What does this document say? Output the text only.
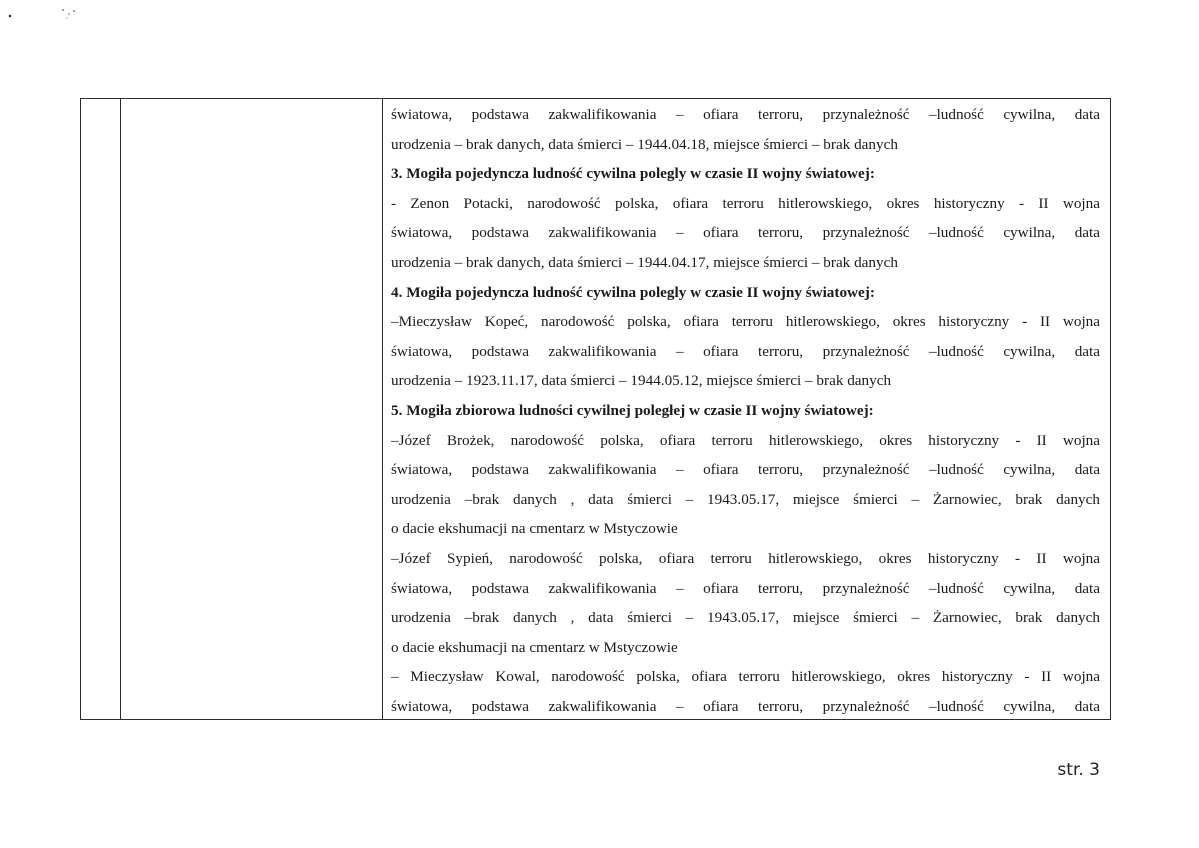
światowa, podstawa zakwalifikowania – ofiara terroru, przynależność –ludność cywilna, data
urodzenia – brak danych, data śmierci – 1944.04.18, miejsce śmierci – brak danych
3. Mogiła pojedyncza ludność cywilna polegly w czasie II wojny światowej:
- Zenon Potacki, narodowość polska, ofiara terroru hitlerowskiego, okres historyczny - II wojna
światowa, podstawa zakwalifikowania – ofiara terroru, przynależność –ludność cywilna, data
urodzenia – brak danych, data śmierci – 1944.04.17, miejsce śmierci – brak danych
4. Mogiła pojedyncza ludność cywilna polegly w czasie II wojny światowej:
–Mieczysław Kopeć, narodowość polska, ofiara terroru hitlerowskiego, okres historyczny - II wojna
światowa, podstawa zakwalifikowania – ofiara terroru, przynależność –ludność cywilna, data
urodzenia – 1923.11.17, data śmierci – 1944.05.12, miejsce śmierci – brak danych
5. Mogiła zbiorowa ludności cywilnej poległej w czasie II wojny światowej:
–Józef Brożek, narodowość polska, ofiara terroru hitlerowskiego, okres historyczny - II wojna
światowa, podstawa zakwalifikowania – ofiara terroru, przynależność –ludność cywilna, data
urodzenia –brak danych , data śmierci – 1943.05.17, miejsce śmierci – Żarnowiec, brak danych
o dacie ekshumacji na cmentarz w Mstyczowie
–Józef Sypień, narodowość polska, ofiara terroru hitlerowskiego, okres historyczny - II wojna
światowa, podstawa zakwalifikowania – ofiara terroru, przynależność –ludność cywilna, data
urodzenia –brak danych , data śmierci – 1943.05.17, miejsce śmierci – Żarnowiec, brak danych
o dacie ekshumacji na cmentarz w Mstyczowie
– Mieczysław Kowal, narodowość polska, ofiara terroru hitlerowskiego, okres historyczny - II wojna
światowa, podstawa zakwalifikowania – ofiara terroru, przynależność –ludność cywilna, data
str. 3
